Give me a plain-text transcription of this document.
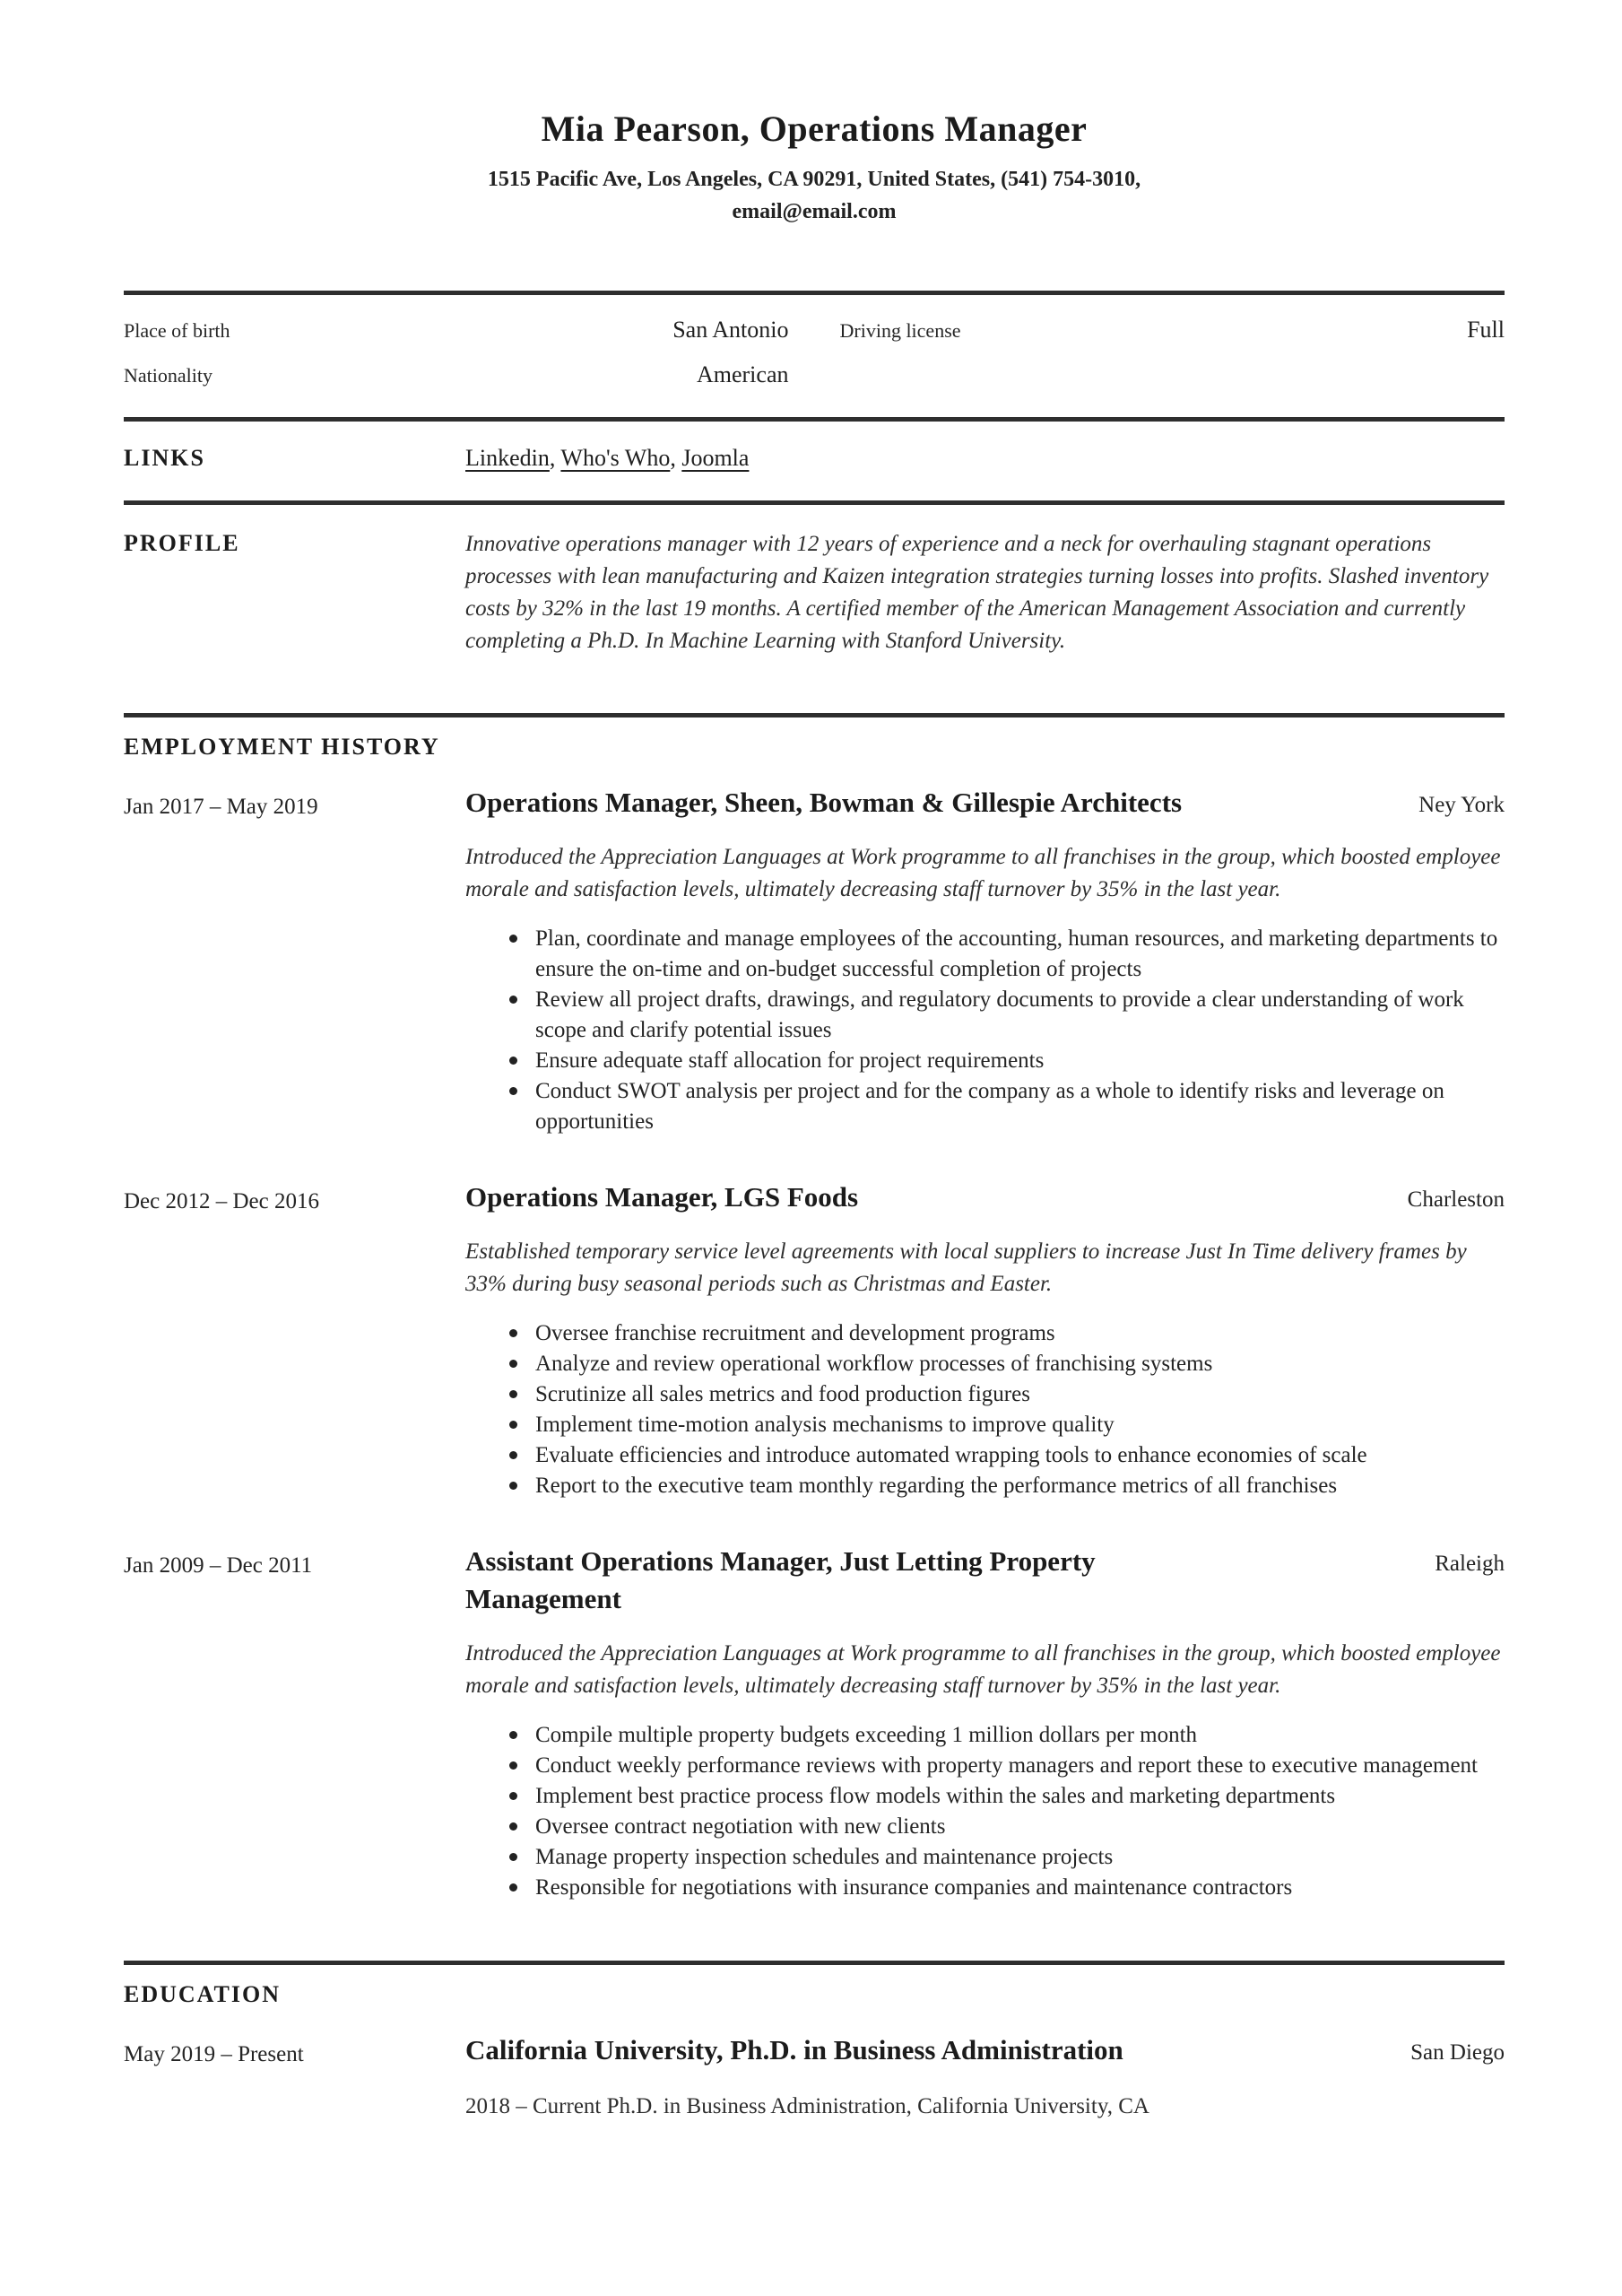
Mia Pearson, Operations Manager
1515 Pacific Ave, Los Angeles, CA 90291, United States, (541) 754-3010,
email@email.com
Place of birth	San Antonio	Driving license	Full
Nationality	American
LINKS	Linkedin, Who's Who, Joomla
PROFILE	Innovative operations manager with 12 years of experience and a neck for overhauling stagnant operations processes with lean manufacturing and Kaizen integration strategies turning losses into profits. Slashed inventory costs by 32% in the last 19 months. A certified member of the American Management Association and currently completing a Ph.D. In Machine Learning with Stanford University.

EMPLOYMENT HISTORY
Jan 2017 – May 2019	Operations Manager, Sheen, Bowman & Gillespie Architects	Ney York

Introduced the Appreciation Languages at Work programme to all franchises in the group, which boosted employee morale and satisfaction levels, ultimately decreasing staff turnover by 35% in the last year.

Plan, coordinate and manage employees of the accounting, human resources, and marketing departments to ensure the on-time and on-budget successful completion of projects
Review all project drafts, drawings, and regulatory documents to provide a clear understanding of work scope and clarify potential issues
Ensure adequate staff allocation for project requirements
Conduct SWOT analysis per project and for the company as a whole to identify risks and leverage on opportunities
Dec 2012 – Dec 2016	Operations Manager, LGS Foods	Charleston

Established temporary service level agreements with local suppliers to increase Just In Time delivery frames by 33% during busy seasonal periods such as Christmas and Easter.

Oversee franchise recruitment and development programs
Analyze and review operational workflow processes of franchising systems
Scrutinize all sales metrics and food production figures
Implement time-motion analysis mechanisms to improve quality
Evaluate efficiencies and introduce automated wrapping tools to enhance economies of scale
Report to the executive team monthly regarding the performance metrics of all franchises
Jan 2009 – Dec 2011	Assistant Operations Manager, Just Letting Property Management
Raleigh

Introduced the Appreciation Languages at Work programme to all franchises in the group, which boosted employee morale and satisfaction levels, ultimately decreasing staff turnover by 35% in the last year.

Compile multiple property budgets exceeding 1 million dollars per month
Conduct weekly performance reviews with property managers and report these to executive management
Implement best practice process flow models within the sales and marketing departments
Oversee contract negotiation with new clients
Manage property inspection schedules and maintenance projects
Responsible for negotiations with insurance companies and maintenance contractors
EDUCATION
May 2019 – Present	California University, Ph.D. in Business Administration	San Diego

2018 – Current Ph.D. in Business Administration, California University, CA
